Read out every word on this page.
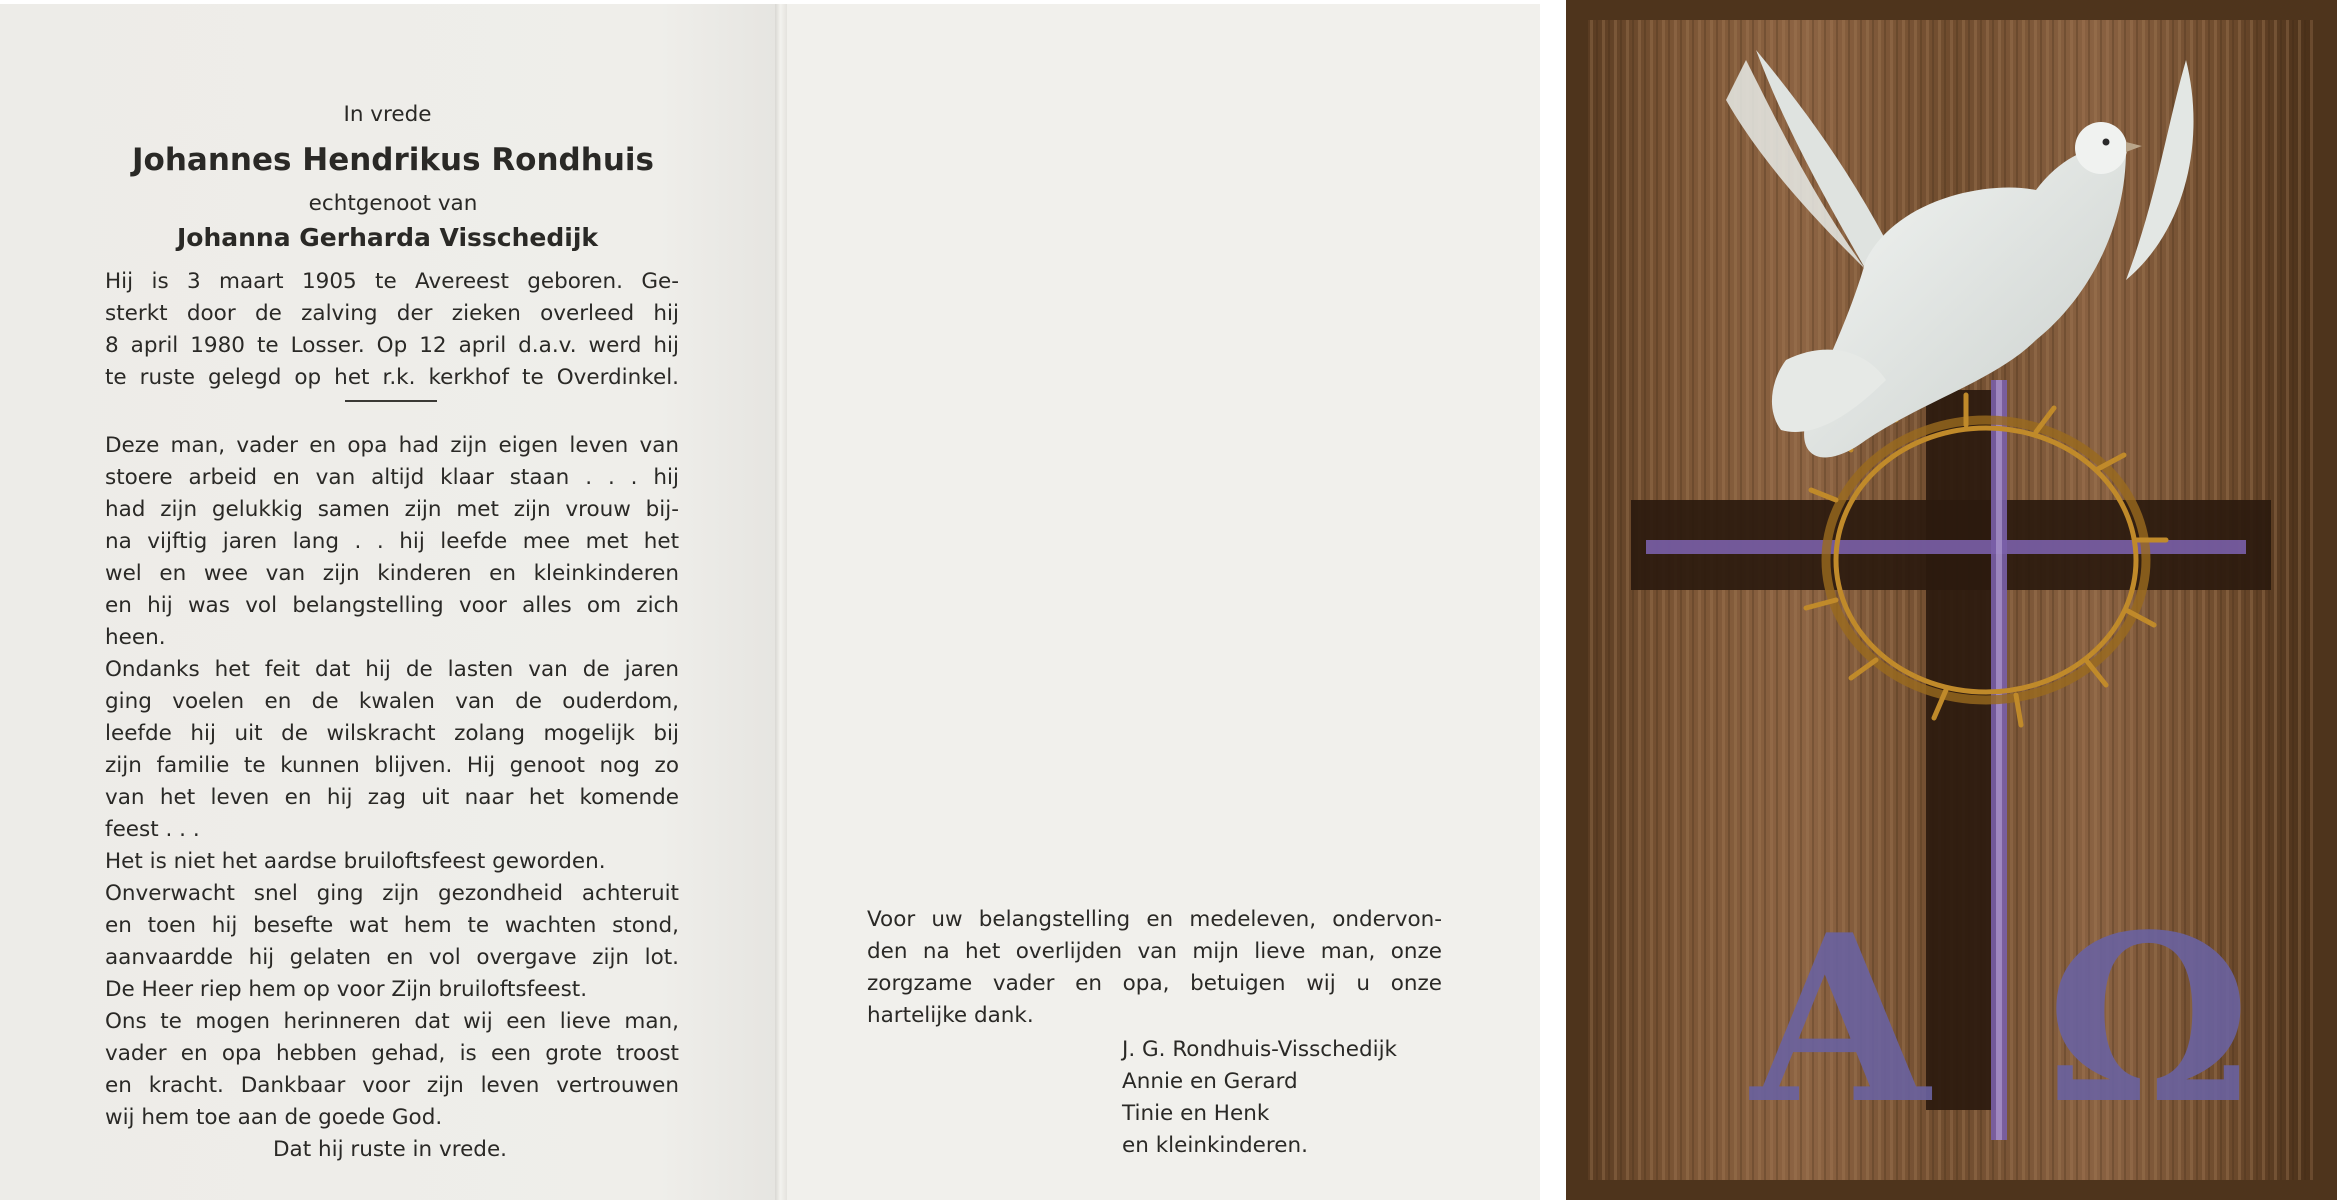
In vrede
Johannes Hendrikus Rondhuis
echtgenoot van
Johanna Gerharda Visschedijk
Hij is 3 maart 1905 te Avereest geboren. Ge-
sterkt door de zalving der zieken overleed hij
8 april 1980 te Losser. Op 12 april d.a.v. werd hij
te ruste gelegd op het r.k. kerkhof te Overdinkel.
Deze man, vader en opa had zijn eigen leven van
stoere arbeid en van altijd klaar staan . . . hij
had zijn gelukkig samen zijn met zijn vrouw bij-
na vijftig jaren lang . . hij leefde mee met het
wel en wee van zijn kinderen en kleinkinderen
en hij was vol belangstelling voor alles om zich
heen.
Ondanks het feit dat hij de lasten van de jaren
ging voelen en de kwalen van de ouderdom,
leefde hij uit de wilskracht zolang mogelijk bij
zijn familie te kunnen blijven. Hij genoot nog zo
van het leven en hij zag uit naar het komende
feest . . .
Het is niet het aardse bruiloftsfeest geworden.
Onverwacht snel ging zijn gezondheid achteruit
en toen hij besefte wat hem te wachten stond,
aanvaardde hij gelaten en vol overgave zijn lot.
De Heer riep hem op voor Zijn bruiloftsfeest.
Ons te mogen herinneren dat wij een lieve man,
vader en opa hebben gehad, is een grote troost
en kracht. Dankbaar voor zijn leven vertrouwen
wij hem toe aan de goede God.
Dat hij ruste in vrede.
Voor uw belangstelling en medeleven, ondervon-
den na het overlijden van mijn lieve man, onze
zorgzame vader en opa, betuigen wij u onze
hartelijke dank.
J. G. Rondhuis-Visschedijk
Annie en Gerard
Tinie en Henk
en kleinkinderen. A Ω
